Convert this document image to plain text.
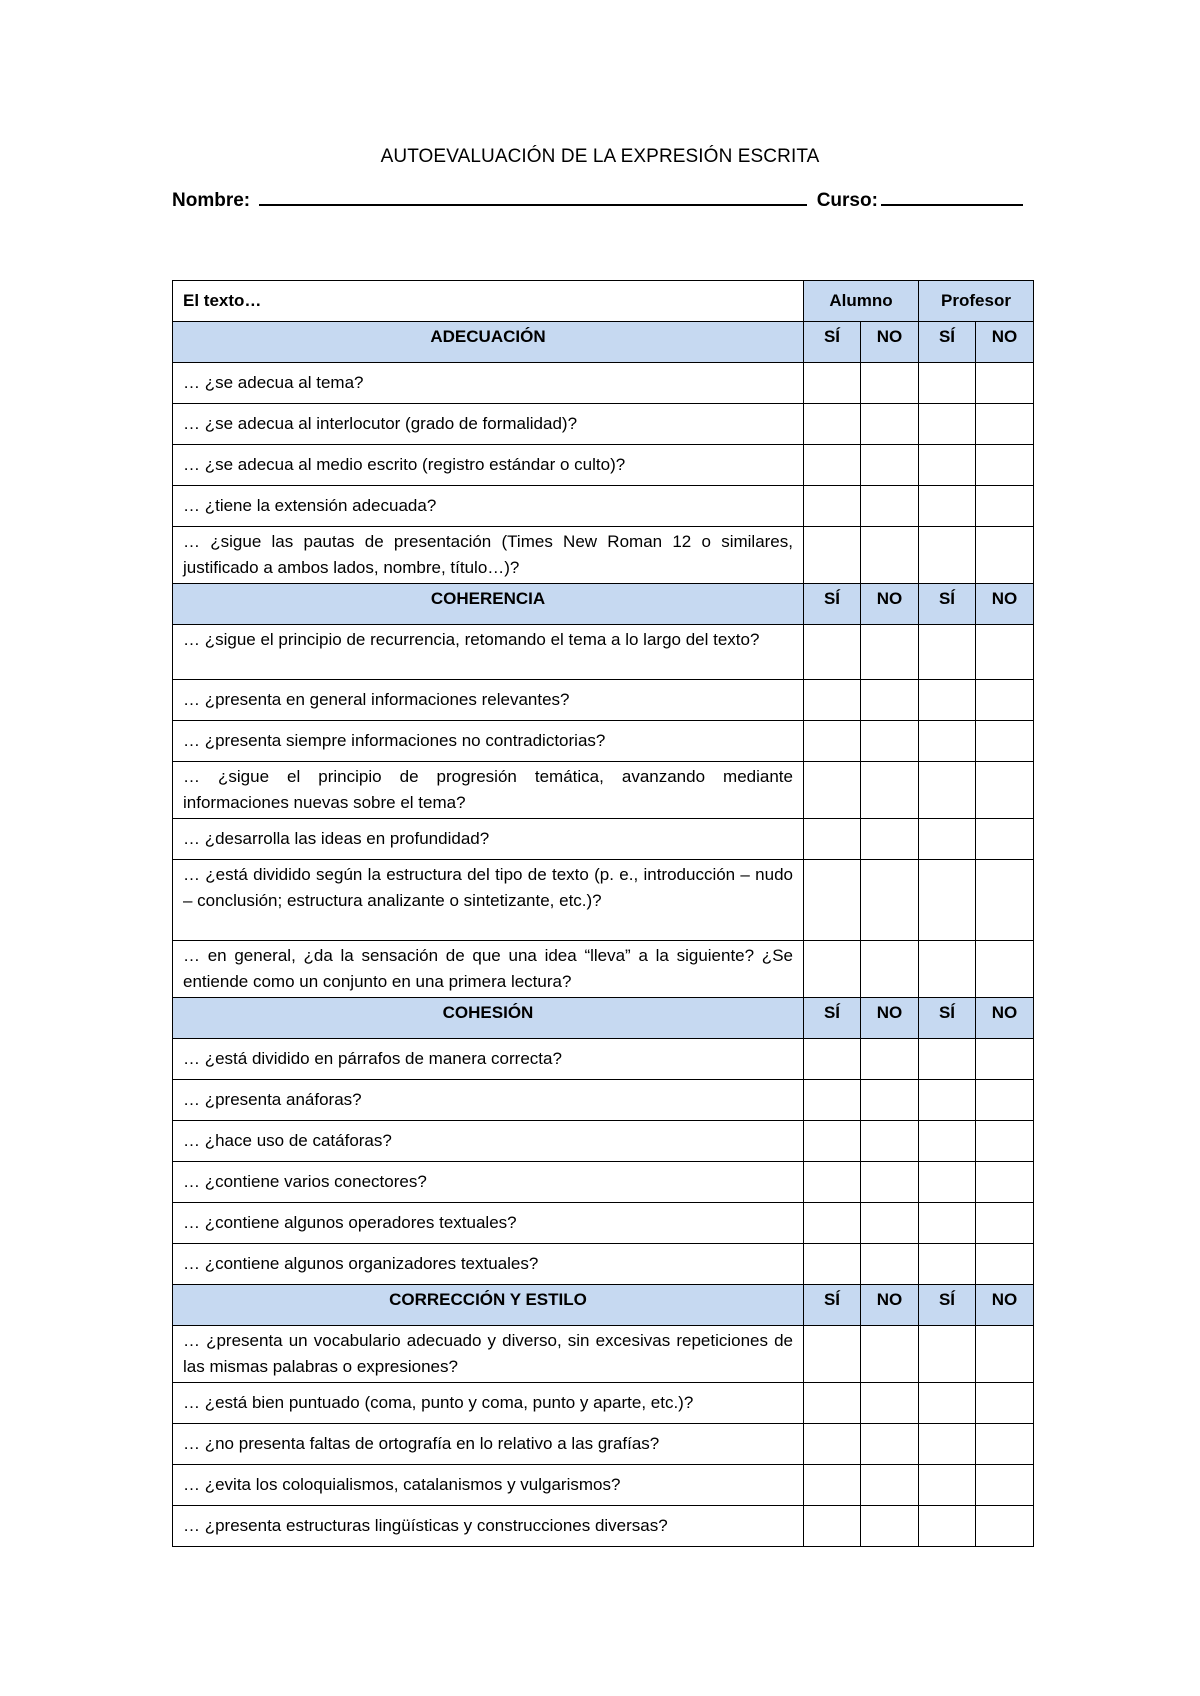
AUTOEVALUACIÓN DE LA EXPRESIÓN ESCRITA
Nombre:	Curso:
El texto…	Alumno		Profesor	
ADECUACIÓN	SÍ	NO	SÍ	NO
… ¿se adecua al tema?				
… ¿se adecua al interlocutor (grado de formalidad)?				
… ¿se adecua al medio escrito (registro estándar o culto)?				
… ¿tiene la extensión adecuada?				
… ¿sigue las pautas de presentación (Times New Roman 12 o similares, justificado a ambos lados, nombre, título…)?				
COHERENCIA	SÍ	NO	SÍ	NO
… ¿sigue el principio de recurrencia, retomando el tema a lo largo del texto?				
… ¿presenta en general informaciones relevantes?				
… ¿presenta siempre informaciones no contradictorias?				
… ¿sigue el principio de progresión temática, avanzando mediante informaciones nuevas sobre el tema?				
… ¿desarrolla las ideas en profundidad?				
… ¿está dividido según la estructura del tipo de texto (p. e., introducción – nudo – conclusión; estructura analizante o sintetizante, etc.)?				
… en general, ¿da la sensación de que una idea “lleva” a la siguiente? ¿Se entiende como un conjunto en una primera lectura?				
COHESIÓN	SÍ	NO	SÍ	NO
… ¿está dividido en párrafos de manera correcta?				
… ¿presenta anáforas?				
… ¿hace uso de catáforas?				
… ¿contiene varios conectores?				
… ¿contiene algunos operadores textuales?				
… ¿contiene algunos organizadores textuales?				
CORRECCIÓN Y ESTILO	SÍ	NO	SÍ	NO
… ¿presenta un vocabulario adecuado y diverso, sin excesivas repeticiones de las mismas palabras o expresiones?				
… ¿está bien puntuado (coma, punto y coma, punto y aparte, etc.)?				
… ¿no presenta faltas de ortografía en lo relativo a las grafías?				
… ¿evita los coloquialismos, catalanismos y vulgarismos?				
… ¿presenta estructuras lingüísticas y construcciones diversas?				
